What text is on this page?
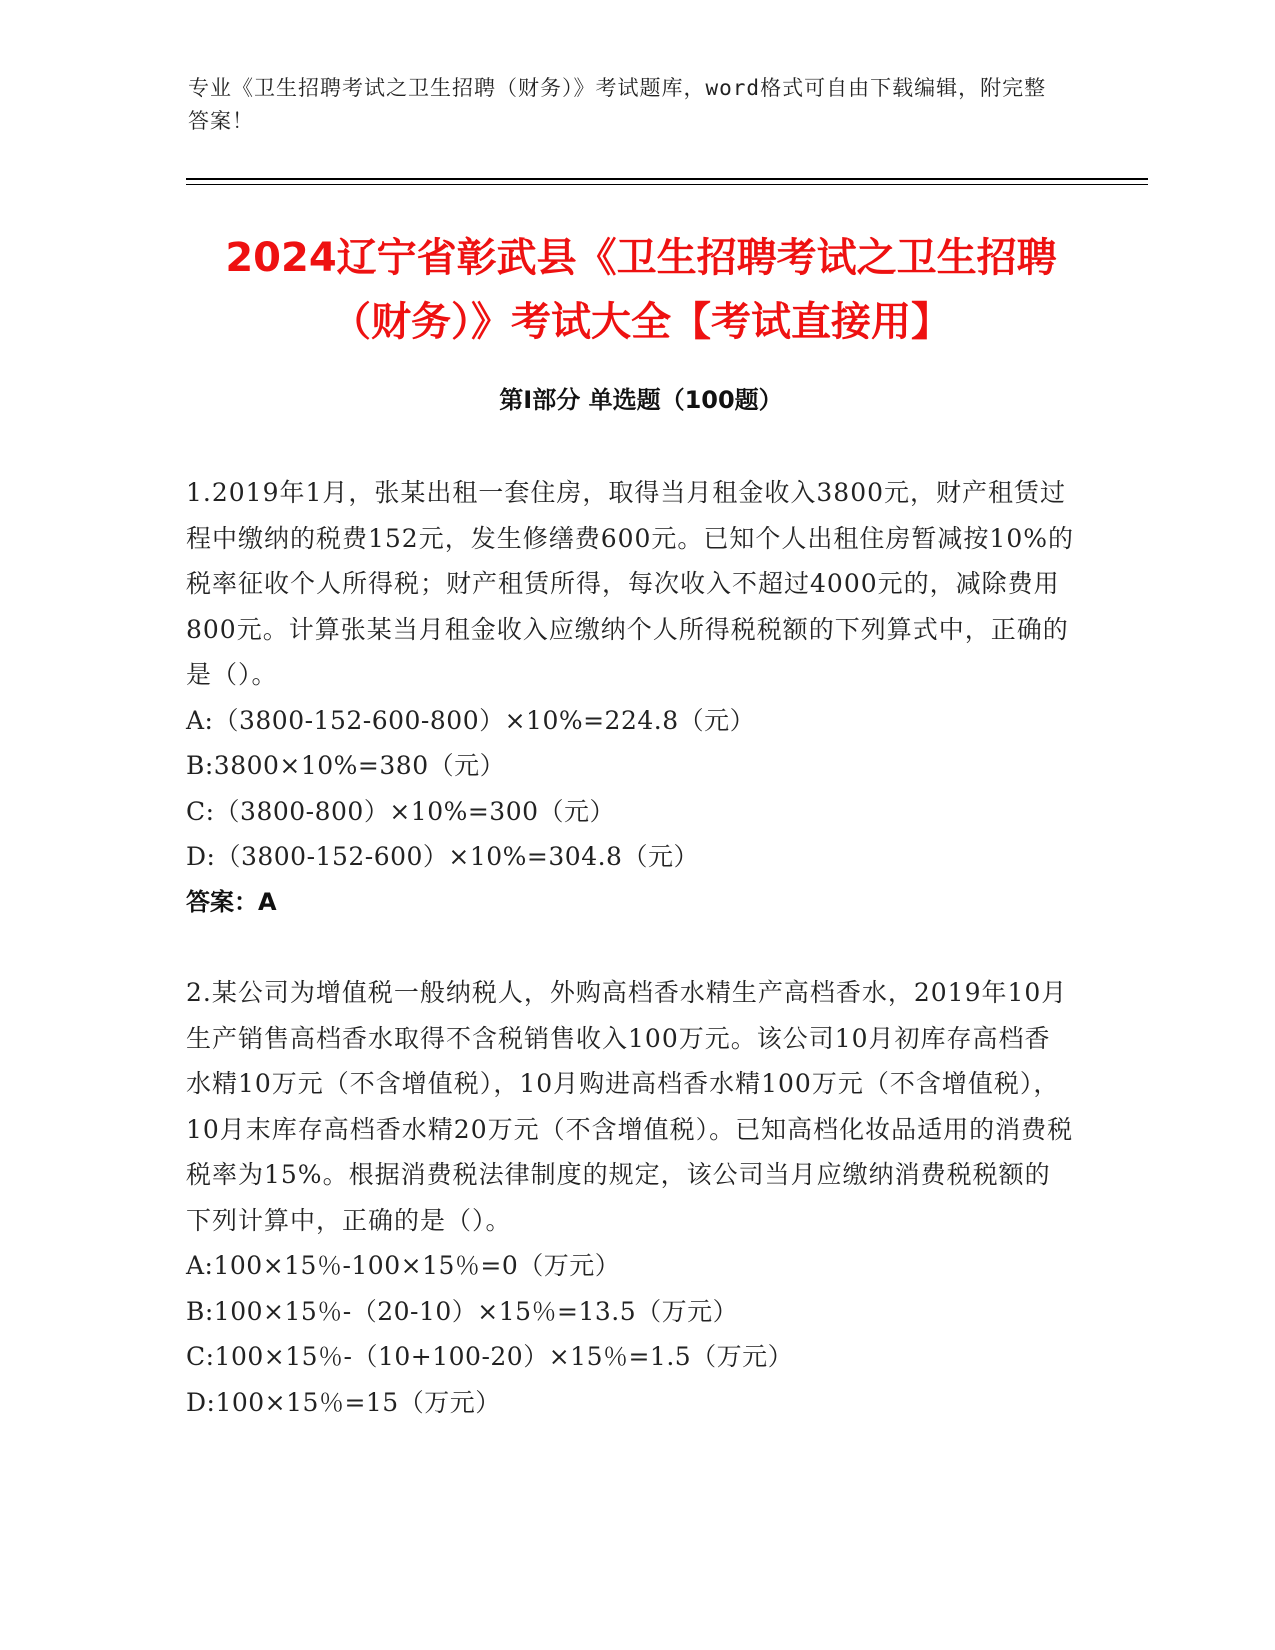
专业《卫生招聘考试之卫生招聘（财务）》考试题库，word格式可自由下载编辑，附完整答案！
2024辽宁省彰武县《卫生招聘考试之卫生招聘（财务）》考试大全【考试直接用】
第I部分 单选题（100题）
1.2019年1月，张某出租一套住房，取得当月租金收入3800元，财产租赁过程中缴纳的税费152元，发生修缮费600元。已知个人出租住房暂减按10%的税率征收个人所得税；财产租赁所得，每次收入不超过4000元的，减除费用800元。计算张某当月租金收入应缴纳个人所得税税额的下列算式中，正确的是（）。
A:（3800-152-600-800）×10%=224.8（元）
B:3800×10%=380（元）
C:（3800-800）×10%=300（元）
D:（3800-152-600）×10%=304.8（元）
答案：A
2.某公司为增值税一般纳税人，外购高档香水精生产高档香水，2019年10月生产销售高档香水取得不含税销售收入100万元。该公司10月初库存高档香水精10万元（不含增值税），10月购进高档香水精100万元（不含增值税），10月末库存高档香水精20万元（不含增值税）。已知高档化妆品适用的消费税税率为15%。根据消费税法律制度的规定，该公司当月应缴纳消费税税额的下列计算中，正确的是（）。
A:100×15％-100×15％=0（万元）
B:100×15％-（20-10）×15％=13.5（万元）
C:100×15％-（10+100-20）×15％=1.5（万元）
D:100×15％=15（万元）
